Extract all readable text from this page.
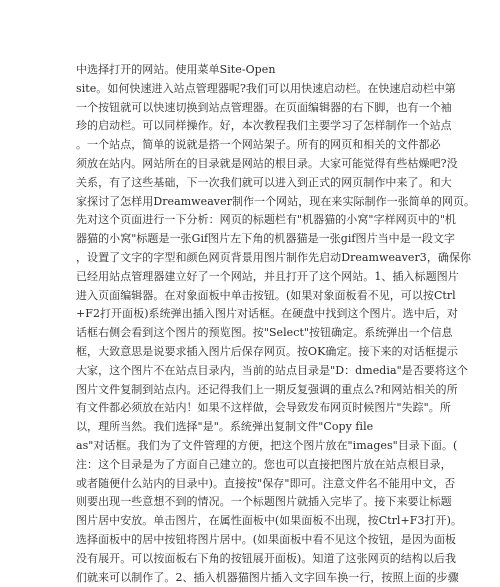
中选择打开的网站。使用菜单Site-Open
site。如何快速进入站点管理器呢?我们可以用快速启动栏。在快速启动栏中第
一个按钮就可以快速切换到站点管理器。在页面编辑器的右下脚，也有一个袖
珍的启动栏。可以同样操作。好，本次教程我们主要学习了怎样制作一个站点
。一个站点，简单的说就是搭一个网站架子。所有的网页和相关的文件都必
须放在站内。网站所在的目录就是网站的根目录。大家可能觉得有些枯燥吧?没
关系，有了这些基础，下一次我们就可以进入到正式的网页制作中来了。和大
家探讨了怎样用Dreamweaver制作一个网站，现在来实际制作一张简单的网页。
先对这个页面进行一下分析：网页的标题栏有"机器猫的小窝"字样网页中的"机
器猫的小窝"标题是一张Gif图片左下角的机器猫是一张gif图片当中是一段文字
，设置了文字的字型和颜色网页背景用图片制作先启动Dreamweaver3，确保你
已经用站点管理器建立好了一个网站，并且打开了这个网站。1、插入标题图片
进入页面编辑器。在对象面板中单击按钮。(如果对象面板看不见，可以按Ctrl
+F2打开面板)系统弹出插入图片对话框。在硬盘中找到这个图片。选中后，对
话框右侧会看到这个图片的预览图。按"Select"按钮确定。系统弹出一个信息
框，大致意思是说要求插入图片后保存网页。按OK确定。接下来的对话框提示
大家，这个图片不在站点目录内，当前的站点目录是"D：dmedia"是否要将这个
图片文件复制到站点内。还记得我们上一期反复强调的重点么?和网站相关的所
有文件都必须放在站内！如果不这样做，会导致发布网页时候图片"失踪"。所
以，理所当然。我们选择"是"。系统弹出复制文件"Copy file
as"对话框。我们为了文件管理的方便，把这个图片放在"images"目录下面。(
注：这个目录是为了方面自己建立的。您也可以直接把图片放在站点根目录，
或者随便什么站内的目录中)。直接按"保存"即可。注意文件名不能用中文，否
则要出现一些意想不到的情况。一个标题图片就插入完毕了。接下来要让标题
图片居中安放。单击图片，在属性面板中(如果面板不出现，按Ctrl+F3打开)。
选择面板中的居中按钮将图片居中。(如果面板中看不见这个按钮，是因为面板
没有展开。可以按面板右下角的按钮展开面板)。知道了这张网页的结构以后我
们就来可以制作了。2、插入机器猫图片插入文字回车换一行，按照上面的步骤
